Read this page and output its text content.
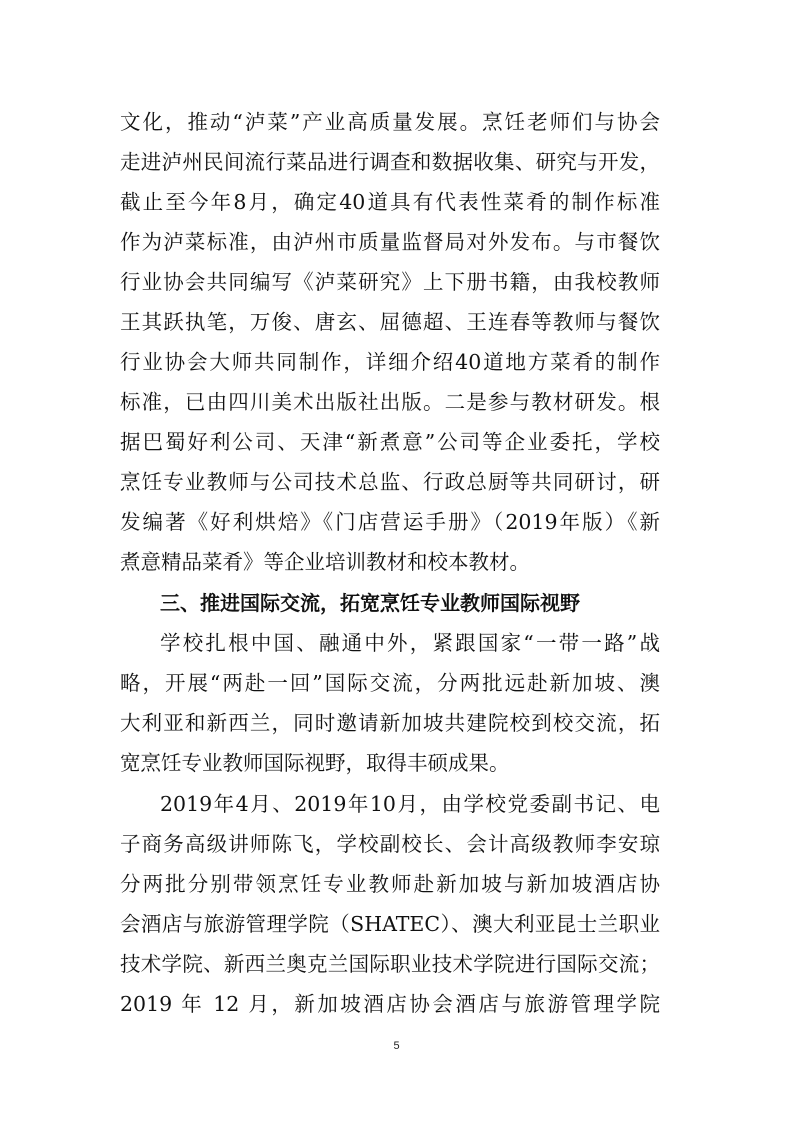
文化，推动“泸菜”产业高质量发展。烹饪老师们与协会
走进泸州民间流行菜品进行调查和数据收集、研究与开发，
截止至今年8月，确定40道具有代表性菜肴的制作标准
作为泸菜标准，由泸州市质量监督局对外发布。与市餐饮
行业协会共同编写《泸菜研究》上下册书籍，由我校教师
王其跃执笔，万俊、唐玄、屈德超、王连春等教师与餐饮
行业协会大师共同制作，详细介绍40道地方菜肴的制作
标准，已由四川美术出版社出版。二是参与教材研发。根
据巴蜀好利公司、天津“新煮意”公司等企业委托，学校
烹饪专业教师与公司技术总监、行政总厨等共同研讨，研
发编著《好利烘焙》《门店营运手册》（2019年版）《新
煮意精品菜肴》等企业培训教材和校本教材。
三、推进国际交流，拓宽烹饪专业教师国际视野
学校扎根中国、融通中外，紧跟国家“一带一路”战
略，开展“两赴一回”国际交流，分两批远赴新加坡、澳
大利亚和新西兰，同时邀请新加坡共建院校到校交流，拓
宽烹饪专业教师国际视野，取得丰硕成果。
2019年4月、2019年10月，由学校党委副书记、电
子商务高级讲师陈飞，学校副校长、会计高级教师李安琼
分两批分别带领烹饪专业教师赴新加坡与新加坡酒店协
会酒店与旅游管理学院（SHATEC）、澳大利亚昆士兰职业
技术学院、新西兰奥克兰国际职业技术学院进行国际交流；
2019 年 12 月，新加坡酒店协会酒店与旅游管理学院
5
